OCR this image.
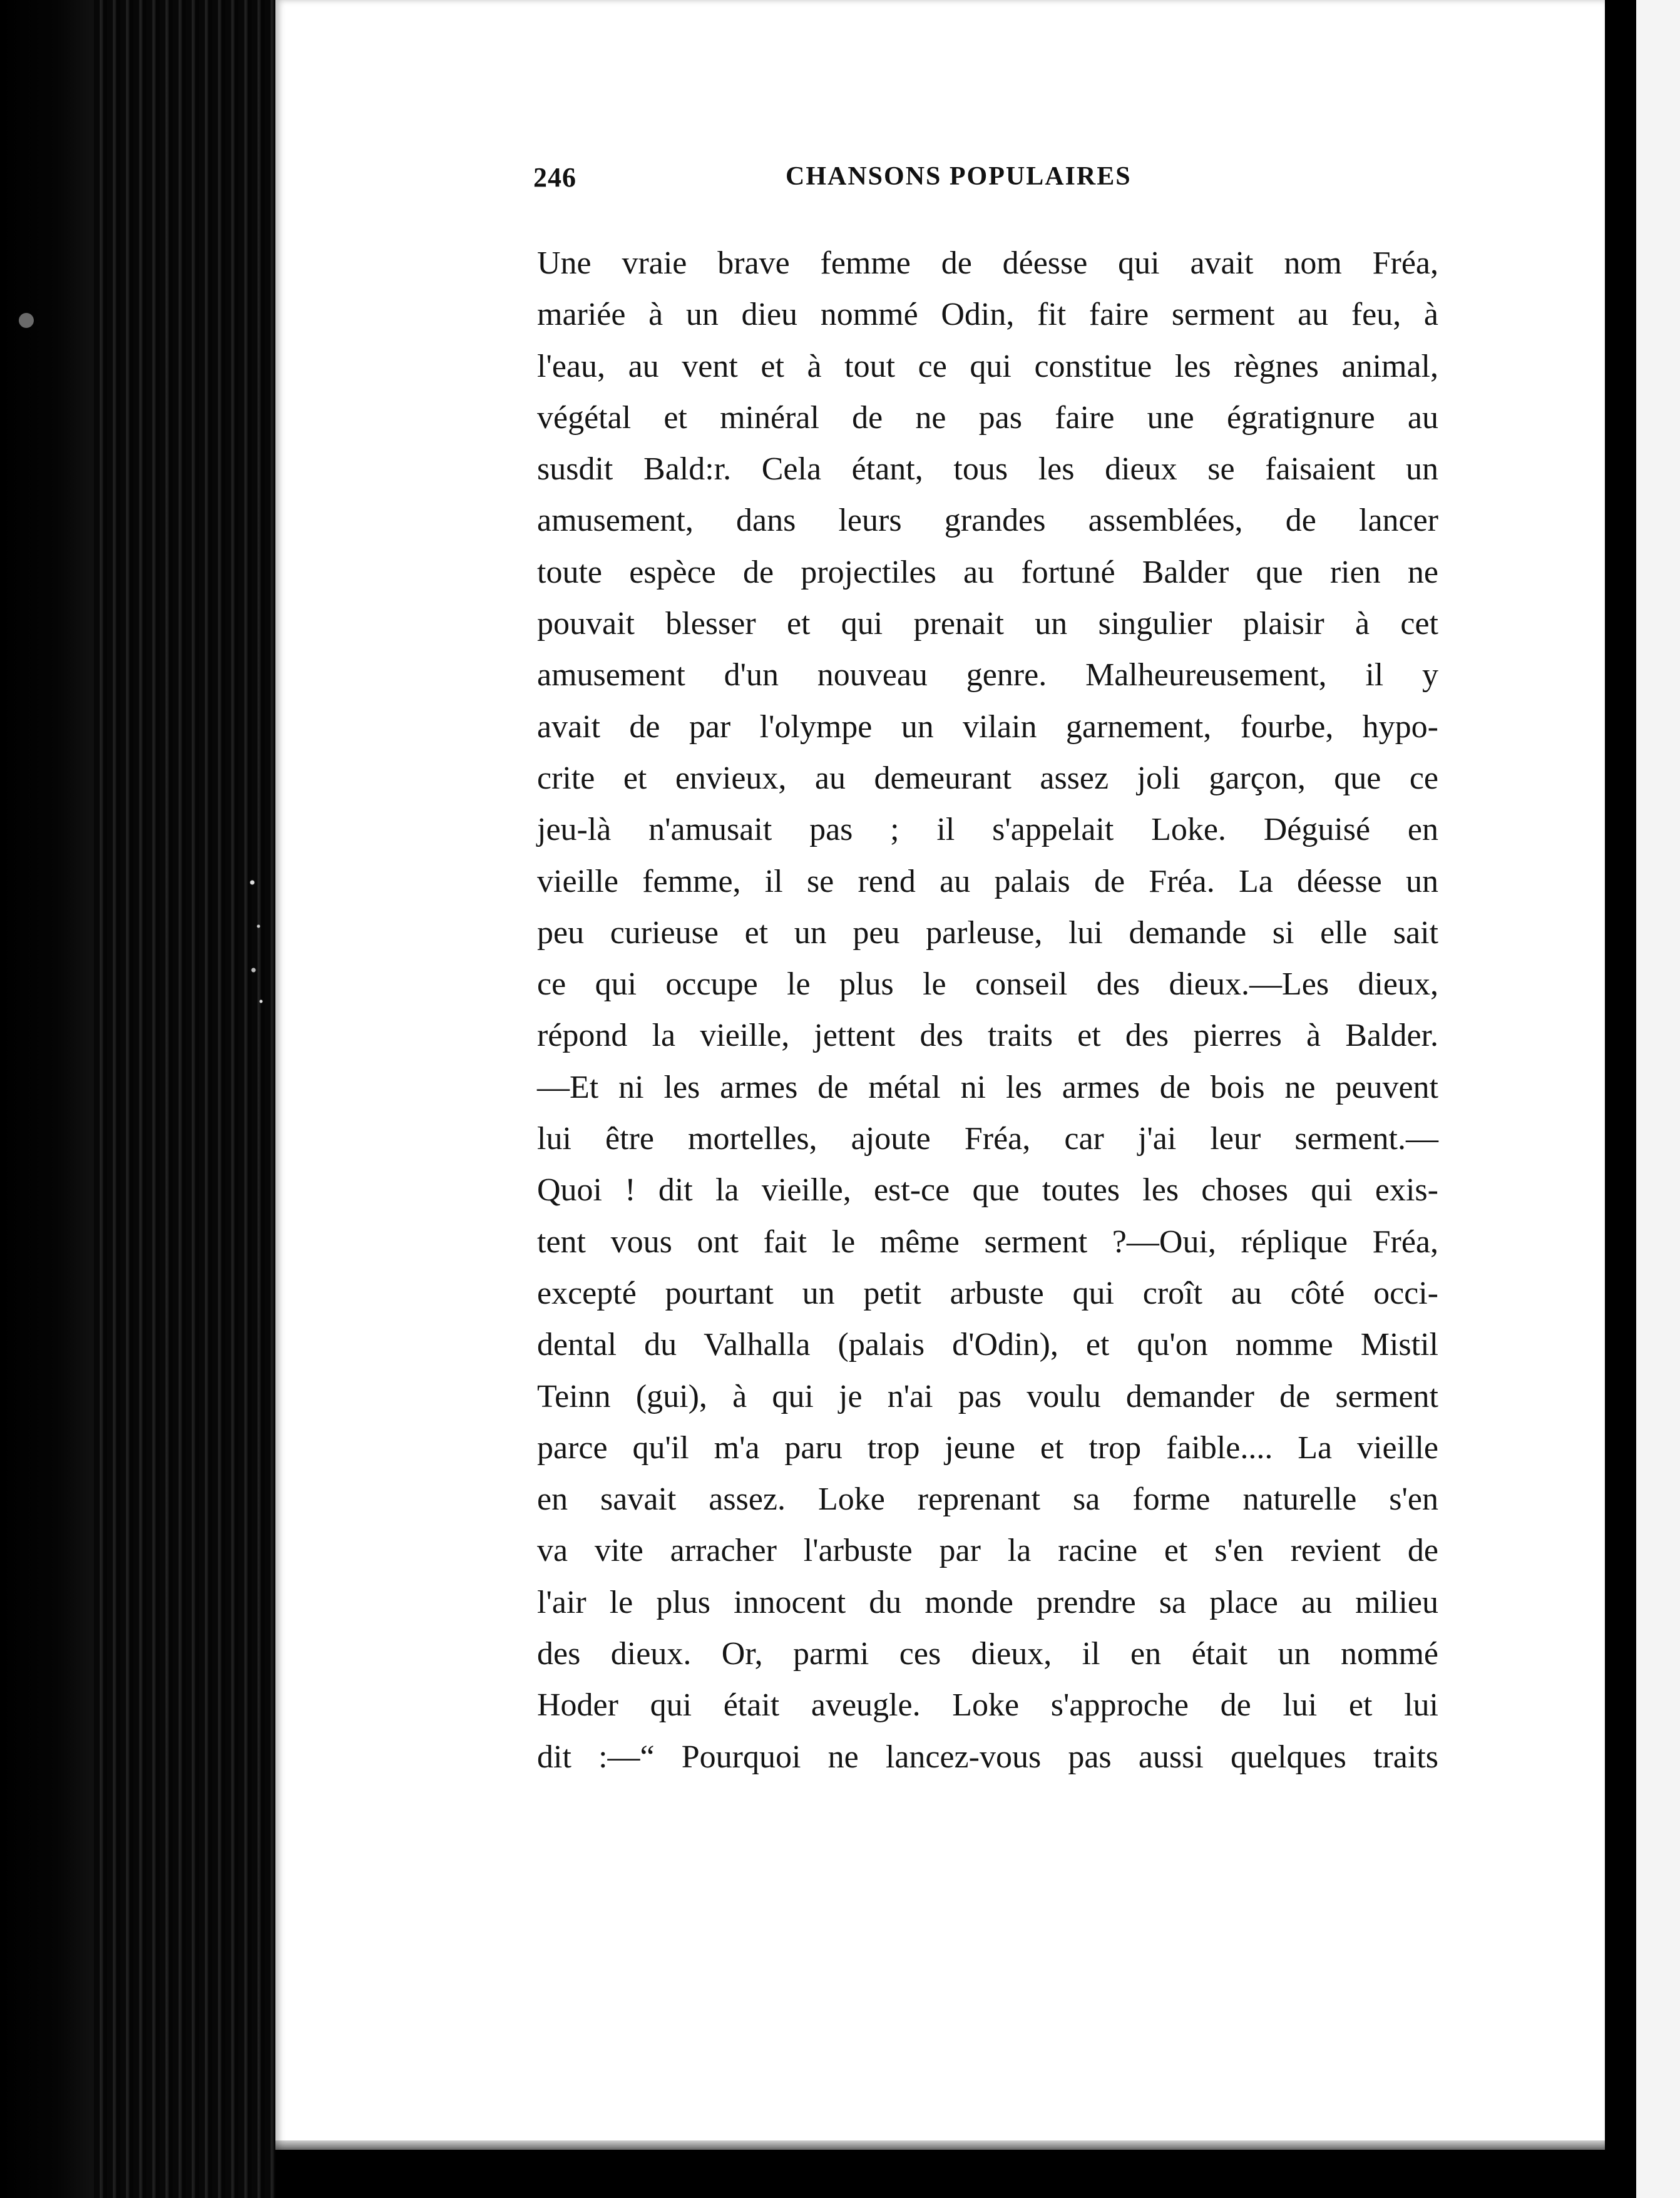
246	CHANSONS POPULAIRES
Une vraie brave femme de déesse qui avait nom Fréa,
mariée à un dieu nommé Odin, fit faire serment au feu, à
l'eau, au vent et à tout ce qui constitue les règnes animal,
végétal et minéral de ne pas faire une égratignure au
susdit Bald:r. Cela étant, tous les dieux se faisaient un
amusement, dans leurs grandes assemblées, de lancer
toute espèce de projectiles au fortuné Balder que rien ne
pouvait blesser et qui prenait un singulier plaisir à cet
amusement d'un nouveau genre. Malheureusement, il y
avait de par l'olympe un vilain garnement, fourbe, hypo-
crite et envieux, au demeurant assez joli garçon, que ce
jeu-là n'amusait pas ; il s'appelait Loke. Déguisé en
vieille femme, il se rend au palais de Fréa. La déesse un
peu curieuse et un peu parleuse, lui demande si elle sait
ce qui occupe le plus le conseil des dieux.—Les dieux,
répond la vieille, jettent des traits et des pierres à Balder.
—Et ni les armes de métal ni les armes de bois ne peuvent
lui être mortelles, ajoute Fréa, car j'ai leur serment.—
Quoi ! dit la vieille, est-ce que toutes les choses qui exis-
tent vous ont fait le même serment ?—Oui, réplique Fréa,
excepté pourtant un petit arbuste qui croît au côté occi-
dental du Valhalla (palais d'Odin), et qu'on nomme Mistil
Teinn (gui), à qui je n'ai pas voulu demander de serment
parce qu'il m'a paru trop jeune et trop faible.... La vieille
en savait assez. Loke reprenant sa forme naturelle s'en
va vite arracher l'arbuste par la racine et s'en revient de
l'air le plus innocent du monde prendre sa place au milieu
des dieux. Or, parmi ces dieux, il en était un nommé
Hoder qui était aveugle. Loke s'approche de lui et lui
dit :—“ Pourquoi ne lancez-vous pas aussi quelques traits
